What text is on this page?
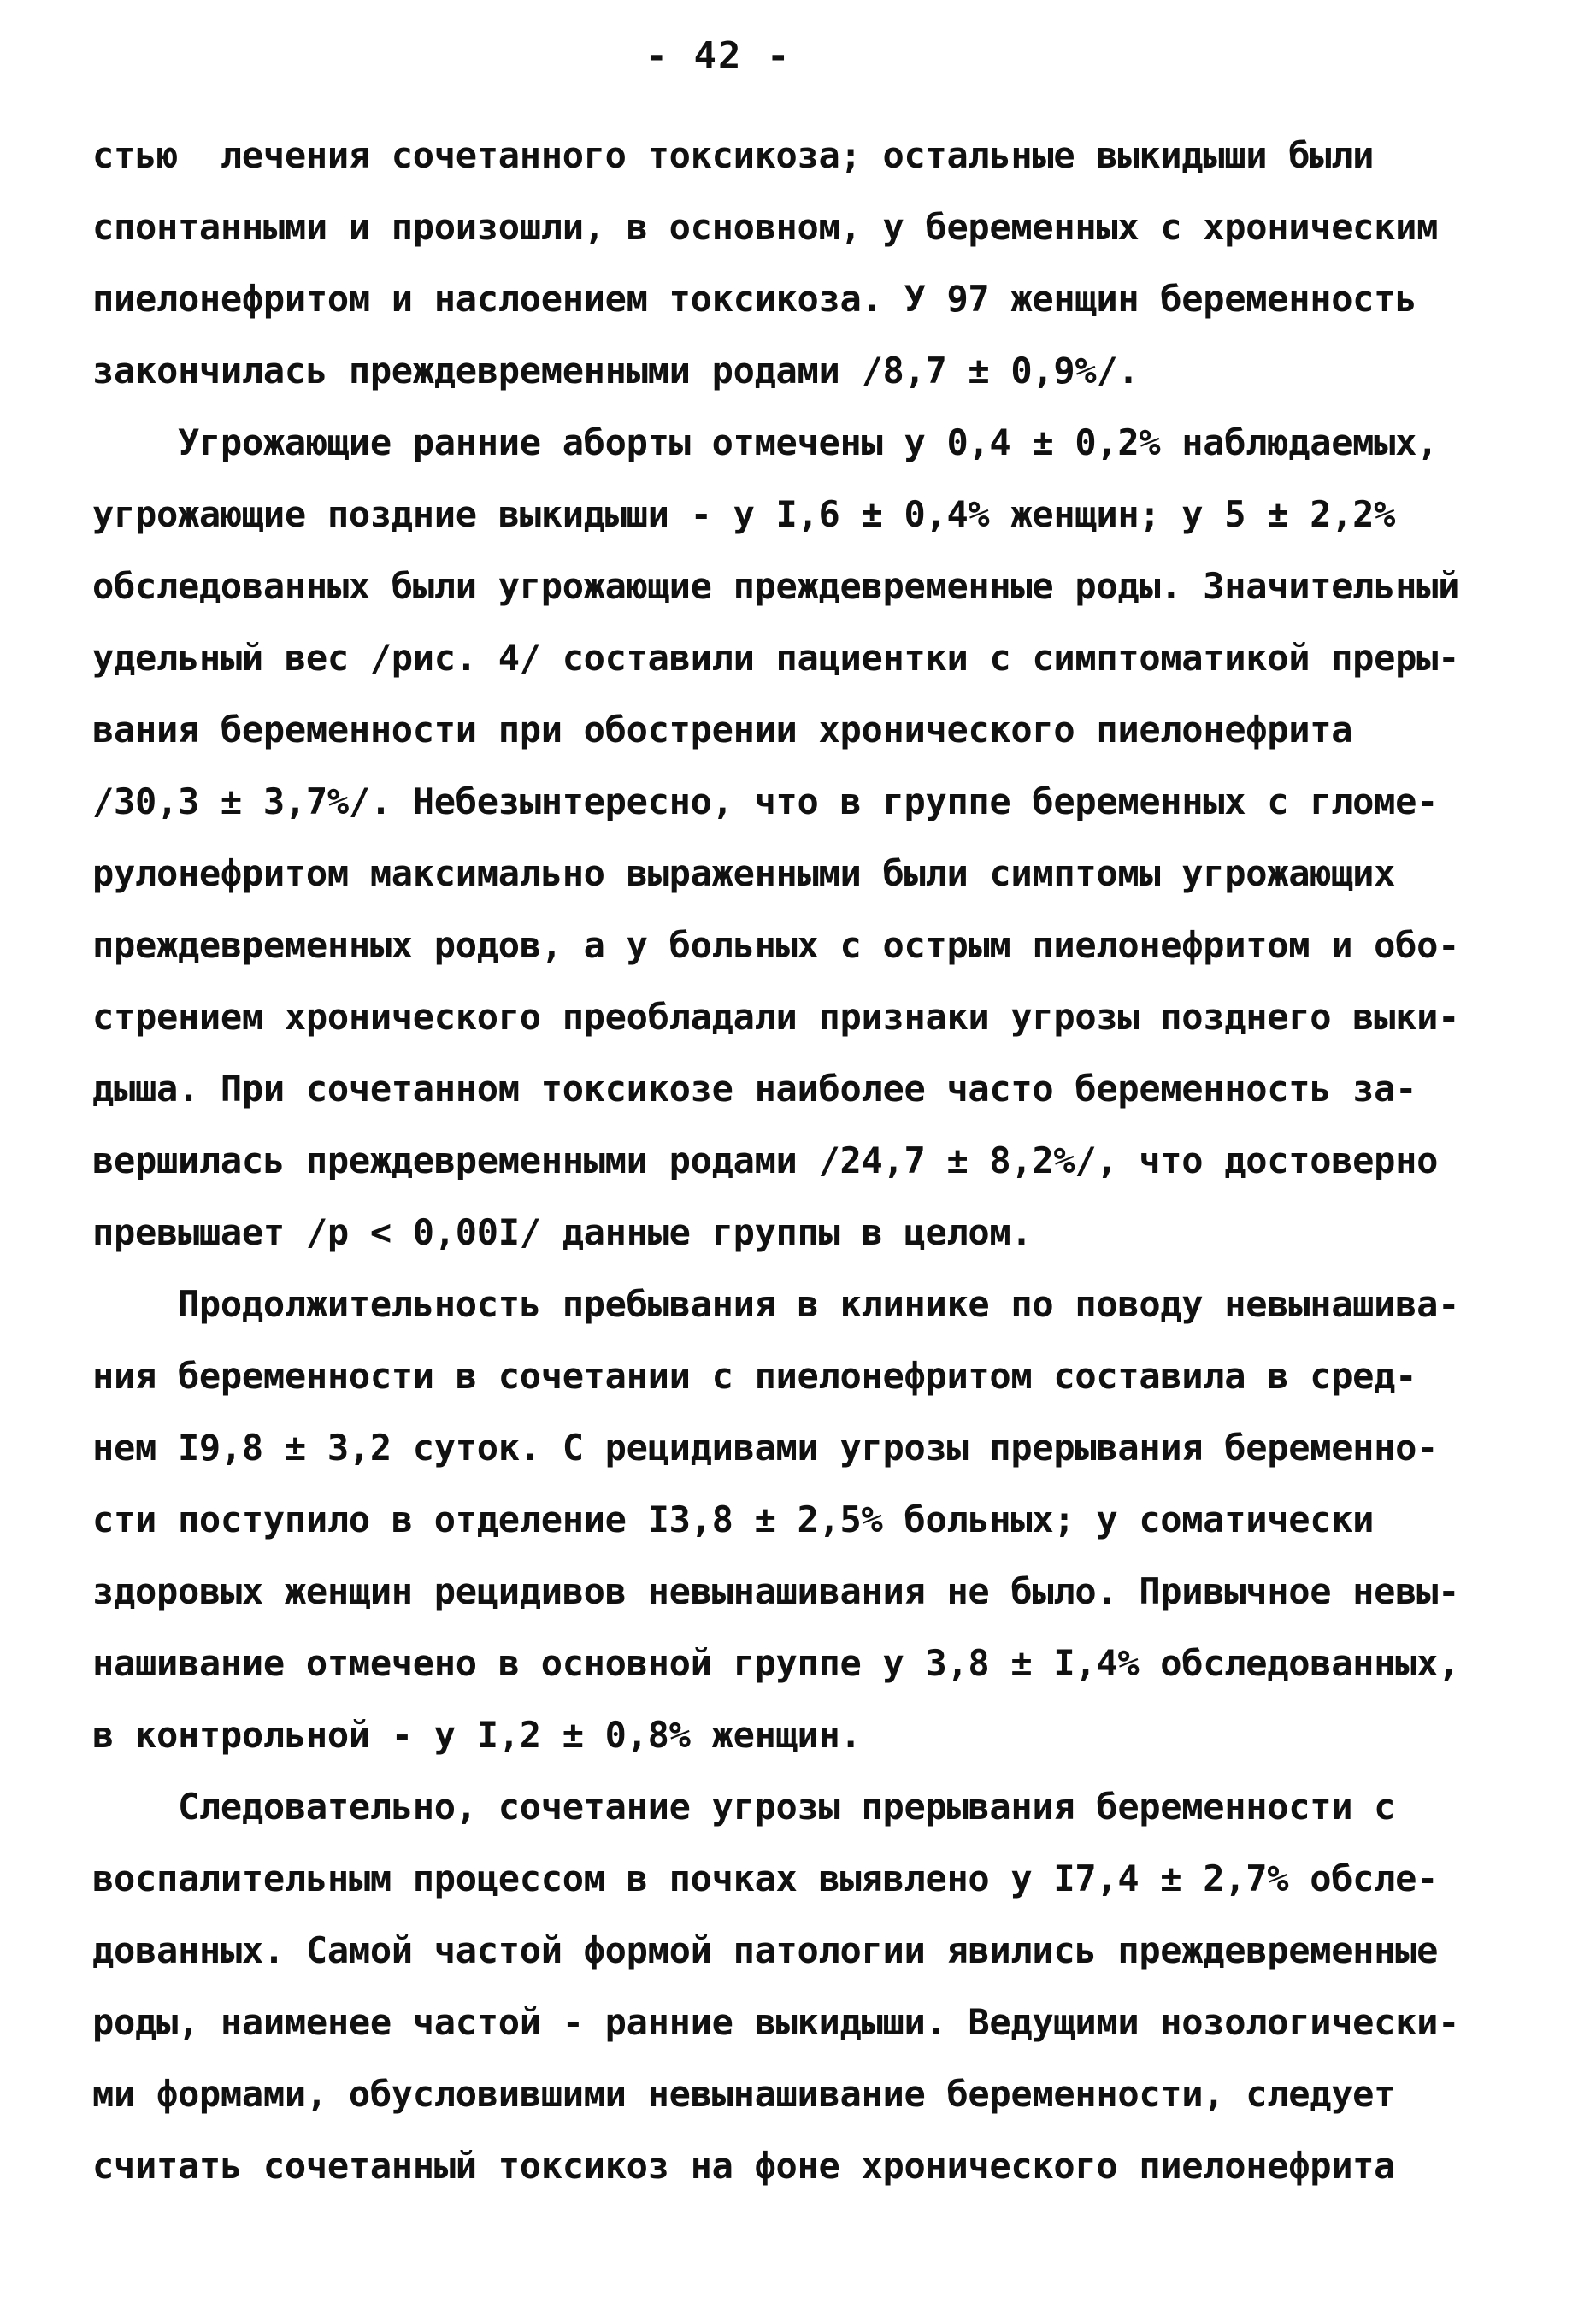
- 42 -
стью  лечения сочетанного токсикоза; остальные выкидыши были
спонтанными и произошли, в основном, у беременных с хроническим
пиелонефритом и наслоением токсикоза. У 97 женщин беременность
закончилась преждевременными родами /8,7 ± 0,9%/.
Угрожающие ранние аборты отмечены у 0,4 ± 0,2% наблюдаемых,
угрожающие поздние выкидыши - у I,6 ± 0,4% женщин; у 5 ± 2,2%
обследованных были угрожающие преждевременные роды. Значительный
удельный вес /рис. 4/ составили пациентки с симптоматикой преры-
вания беременности при обострении хронического пиелонефрита
/30,3 ± 3,7%/. Небезынтересно, что в группе беременных с гломе-
рулонефритом максимально выраженными были симптомы угрожающих
преждевременных родов, а у больных с острым пиелонефритом и обо-
стрением хронического преобладали признаки угрозы позднего выки-
дыша. При сочетанном токсикозе наиболее часто беременность за-
вершилась преждевременными родами /24,7 ± 8,2%/, что достоверно
превышает /р < 0,00I/ данные группы в целом.
Продолжительность пребывания в клинике по поводу невынашива-
ния беременности в сочетании с пиелонефритом составила в сред-
нем I9,8 ± 3,2 суток. С рецидивами угрозы прерывания беременно-
сти поступило в отделение I3,8 ± 2,5% больных; у соматически
здоровых женщин рецидивов невынашивания не было. Привычное невы-
нашивание отмечено в основной группе у 3,8 ± I,4% обследованных,
в контрольной - у I,2 ± 0,8% женщин.
Следовательно, сочетание угрозы прерывания беременности с
воспалительным процессом в почках выявлено у I7,4 ± 2,7% обсле-
дованных. Самой частой формой патологии явились преждевременные
роды, наименее частой - ранние выкидыши. Ведущими нозологически-
ми формами, обусловившими невынашивание беременности, следует
считать сочетанный токсикоз на фоне хронического пиелонефрита
